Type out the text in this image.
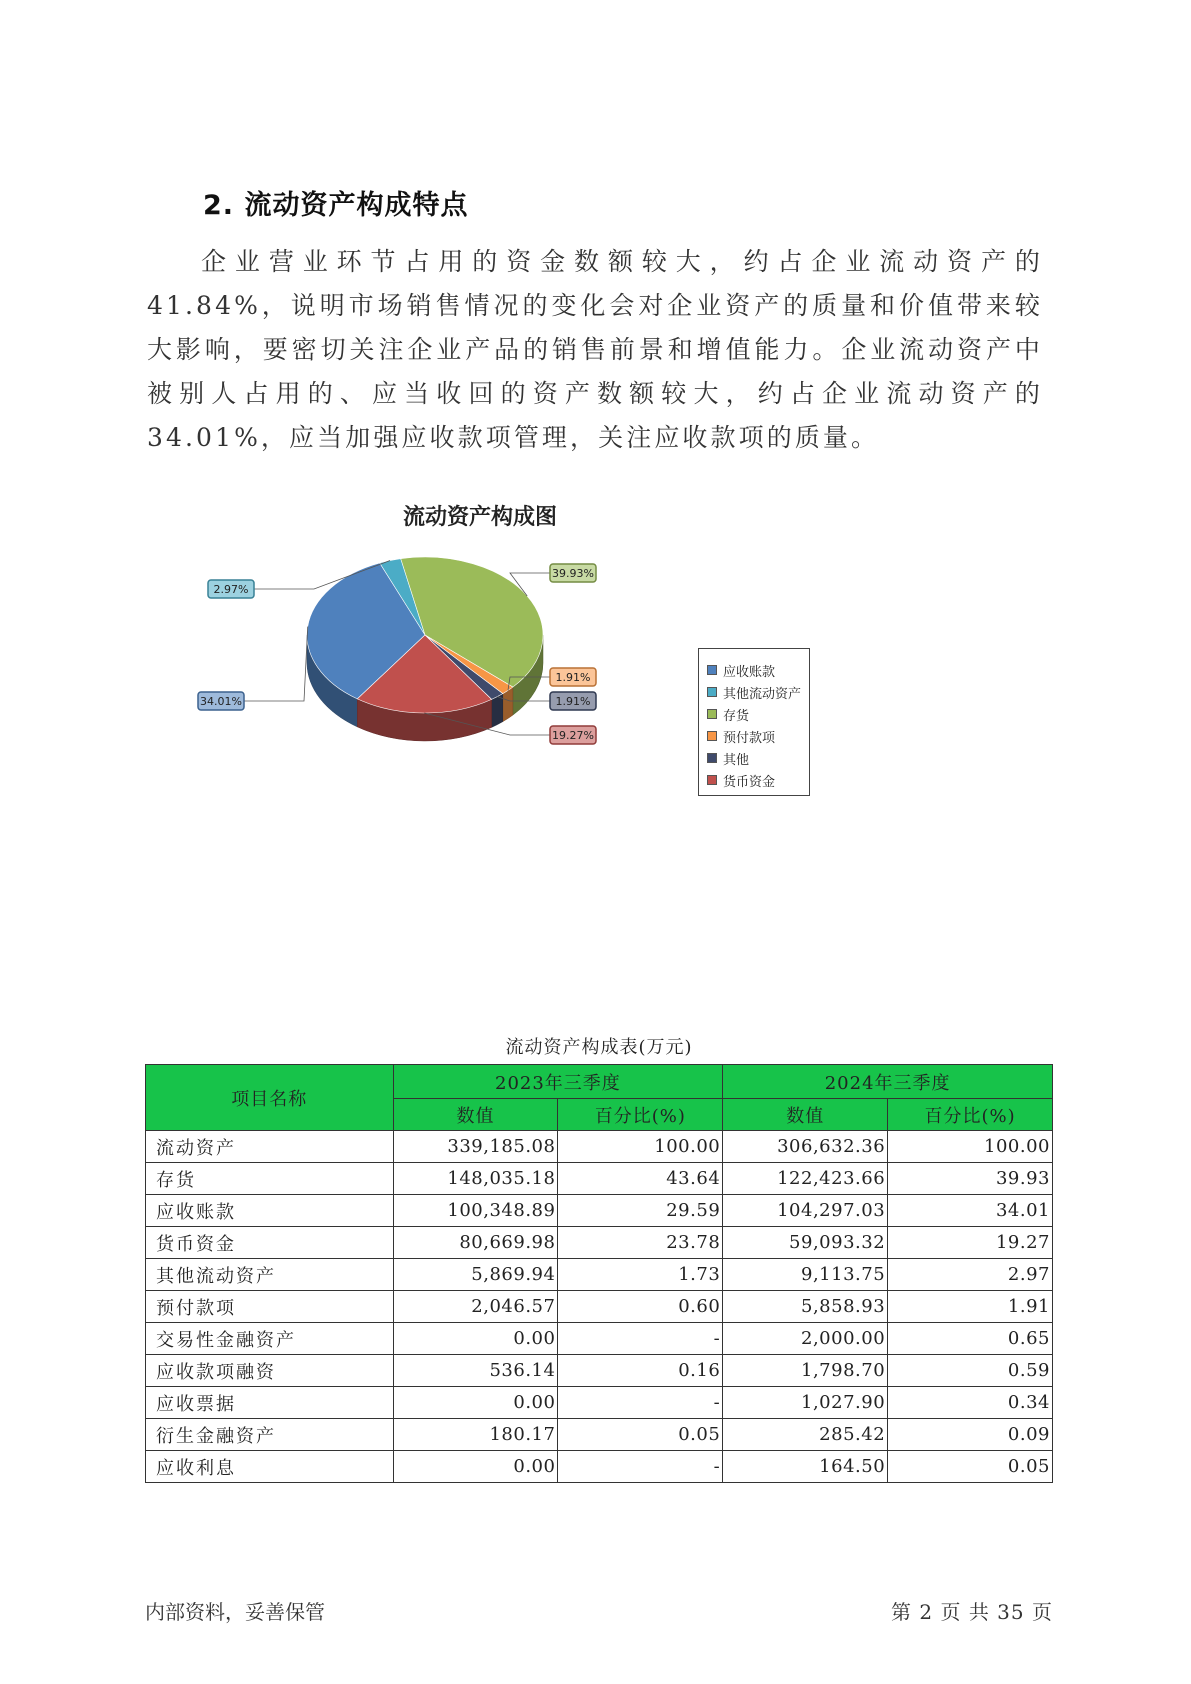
2. 流动资产构成特点
企业营业环节占用的资金数额较大，约占企业流动资产的41.84%，说明市场销售情况的变化会对企业资产的质量和价值带来较大影响，要密切关注企业产品的销售前景和增值能力。企业流动资产中被别人占用的、应当收回的资产数额较大，约占企业流动资产的34.01%，应当加强应收款项管理，关注应收款项的质量。
流动资产构成图
34.01%
2.97%
39.93%
1.91%
1.91%
19.27%
应收账款
其他流动资产
存货
预付款项
其他
货币资金
流动资产构成表(万元)
项目名称	2023年三季度		2024年三季度	
	数值	百分比(%)	数值	百分比(%)
流动资产	339,185.08	100.00	306,632.36	100.00
存货	148,035.18	43.64	122,423.66	39.93
应收账款	100,348.89	29.59	104,297.03	34.01
货币资金	80,669.98	23.78	59,093.32	19.27
其他流动资产	5,869.94	1.73	9,113.75	2.97
预付款项	2,046.57	0.60	5,858.93	1.91
交易性金融资产	0.00	-	2,000.00	0.65
应收款项融资	536.14	0.16	1,798.70	0.59
应收票据	0.00	-	1,027.90	0.34
衍生金融资产	180.17	0.05	285.42	0.09
应收利息	0.00	-	164.50	0.05
内部资料，妥善保管	第 2 页 共 35 页
